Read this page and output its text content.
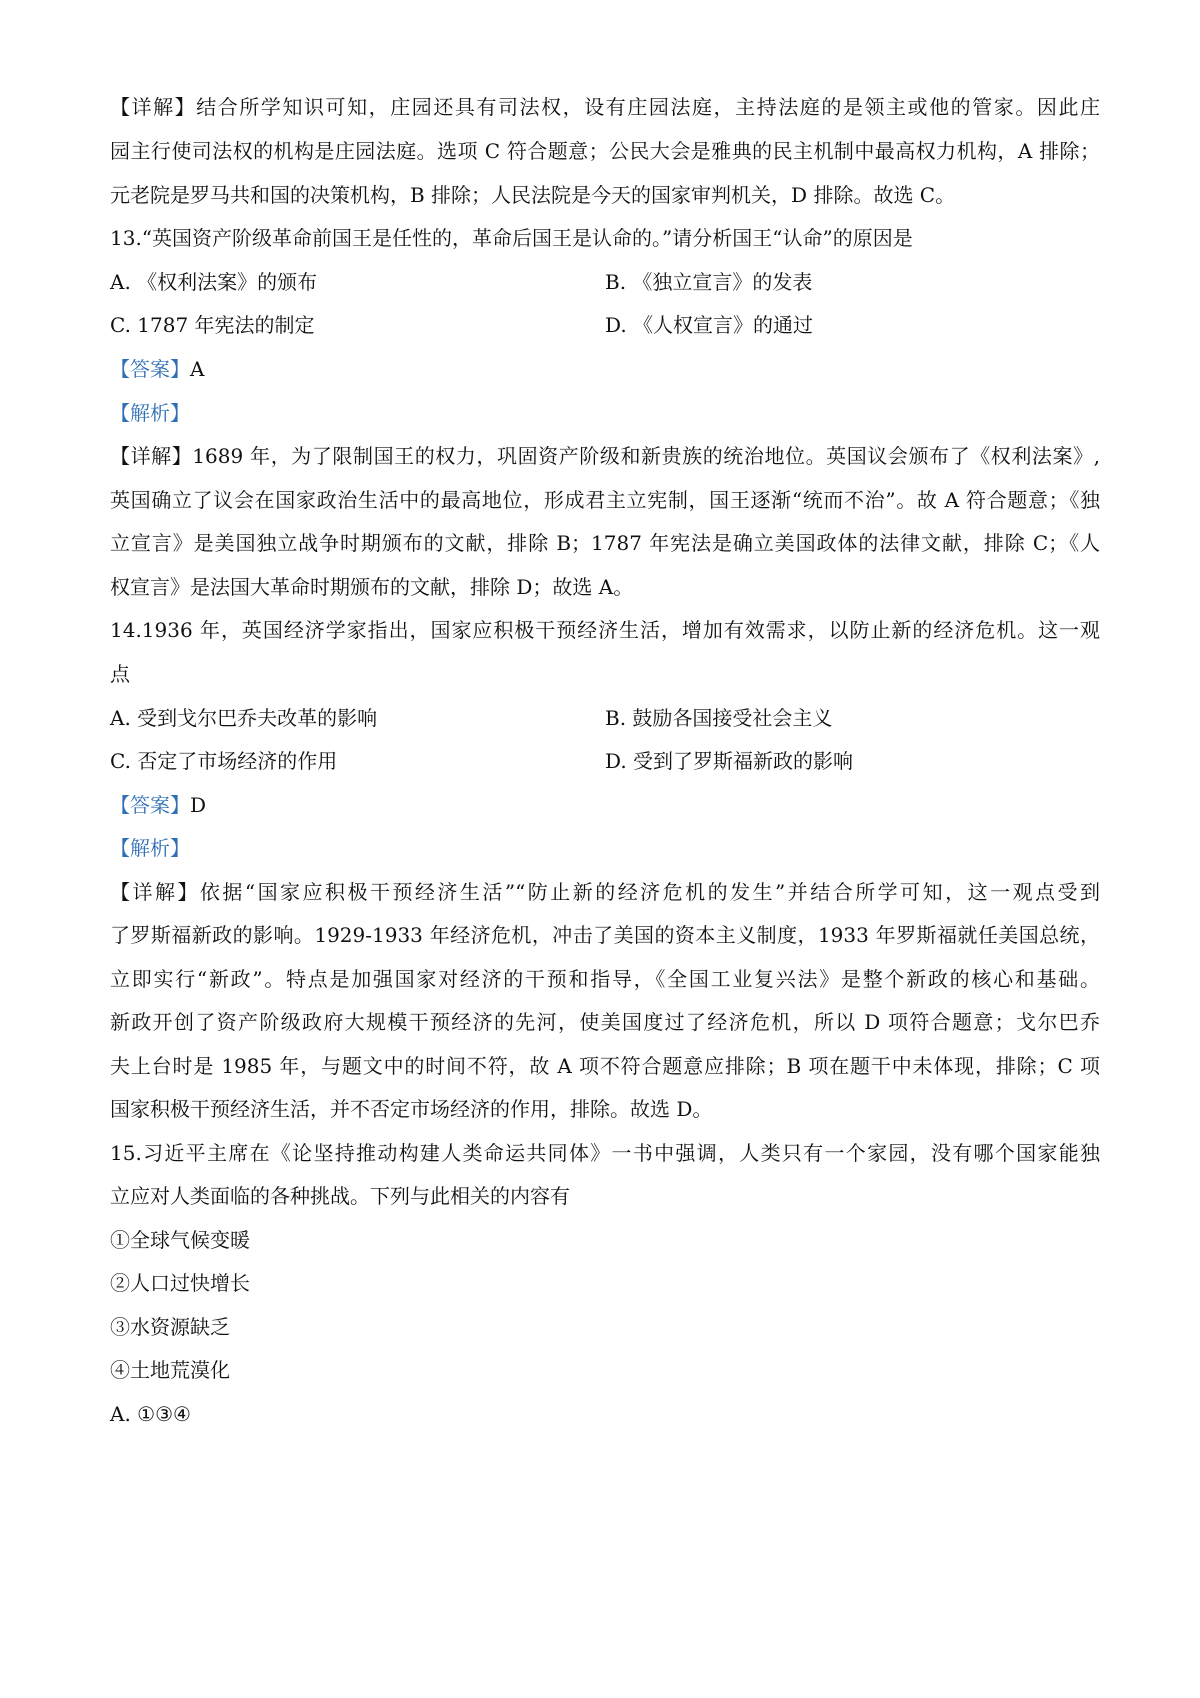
【详解】结合所学知识可知，庄园还具有司法权，设有庄园法庭，主持法庭的是领主或他的管家。因此庄
园主行使司法权的机构是庄园法庭。选项 C 符合题意；公民大会是雅典的民主机制中最高权力机构，A 排除；
元老院是罗马共和国的决策机构，B 排除；人民法院是今天的国家审判机关，D 排除。故选 C。
13.“英国资产阶级革命前国王是任性的，革命后国王是认命的。”请分析国王“认命”的原因是
A. 《权利法案》的颁布	B. 《独立宣言》的发表
C. 1787 年宪法的制定	D. 《人权宣言》的通过
【答案】A
【解析】
【详解】1689 年，为了限制国王的权力，巩固资产阶级和新贵族的统治地位。英国议会颁布了《权利法案》,
英国确立了议会在国家政治生活中的最高地位，形成君主立宪制，国王逐渐“统而不治”。故 A 符合题意；《独
立宣言》是美国独立战争时期颁布的文献，排除 B；1787 年宪法是确立美国政体的法律文献，排除 C；《人
权宣言》是法国大革命时期颁布的文献，排除 D；故选 A。
14.1936 年，英国经济学家指出，国家应积极干预经济生活，增加有效需求，以防止新的经济危机。这一观
点
A. 受到戈尔巴乔夫改革的影响	B. 鼓励各国接受社会主义
C. 否定了市场经济的作用	D. 受到了罗斯福新政的影响
【答案】D
【解析】
【详解】依据“国家应积极干预经济生活”“防止新的经济危机的发生”并结合所学可知，这一观点受到
了罗斯福新政的影响。1929-1933 年经济危机，冲击了美国的资本主义制度，1933 年罗斯福就任美国总统，
立即实行“新政”。特点是加强国家对经济的干预和指导，《全国工业复兴法》是整个新政的核心和基础。
新政开创了资产阶级政府大规模干预经济的先河，使美国度过了经济危机，所以 D 项符合题意；戈尔巴乔
夫上台时是 1985 年，与题文中的时间不符，故 A 项不符合题意应排除；B 项在题干中未体现，排除；C 项
国家积极干预经济生活，并不否定市场经济的作用，排除。故选 D。
15.习近平主席在《论坚持推动构建人类命运共同体》一书中强调，人类只有一个家园，没有哪个国家能独
立应对人类面临的各种挑战。下列与此相关的内容有
①全球气候变暖
②人口过快增长
③水资源缺乏
④土地荒漠化
A. ①③④
